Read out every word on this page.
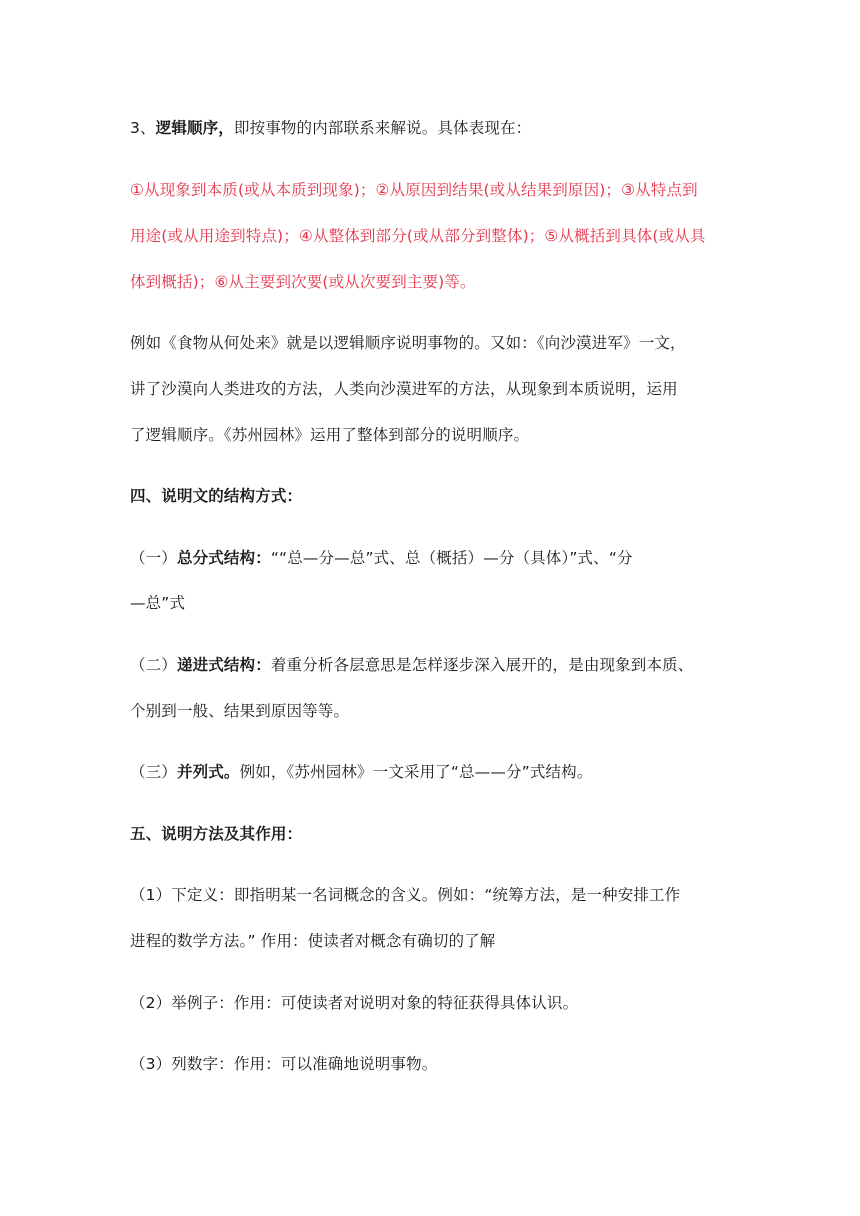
3、逻辑顺序，即按事物的内部联系来解说。具体表现在：
①从现象到本质(或从本质到现象)；②从原因到结果(或从结果到原因)；③从特点到
用途(或从用途到特点)；④从整体到部分(或从部分到整体)；⑤从概括到具体(或从具
体到概括)；⑥从主要到次要(或从次要到主要)等。
例如《食物从何处来》就是以逻辑顺序说明事物的。又如：《向沙漠进军》一文，
讲了沙漠向人类进攻的方法，人类向沙漠进军的方法，从现象到本质说明，运用
了逻辑顺序。《苏州园林》运用了整体到部分的说明顺序。
四、说明文的结构方式：
（一）总分式结构：““总—分—总”式、总（概括）—分（具体）”式、“分
—总”式
（二）递进式结构：着重分析各层意思是怎样逐步深入展开的，是由现象到本质、
个别到一般、结果到原因等等。
（三）并列式。例如，《苏州园林》一文采用了“总——分”式结构。
五、说明方法及其作用：
（1）下定义：即指明某一名词概念的含义。例如：“统筹方法，是一种安排工作
进程的数学方法。” 作用：使读者对概念有确切的了解
（2）举例子：作用：可使读者对说明对象的特征获得具体认识。
（3）列数字：作用：可以准确地说明事物。
